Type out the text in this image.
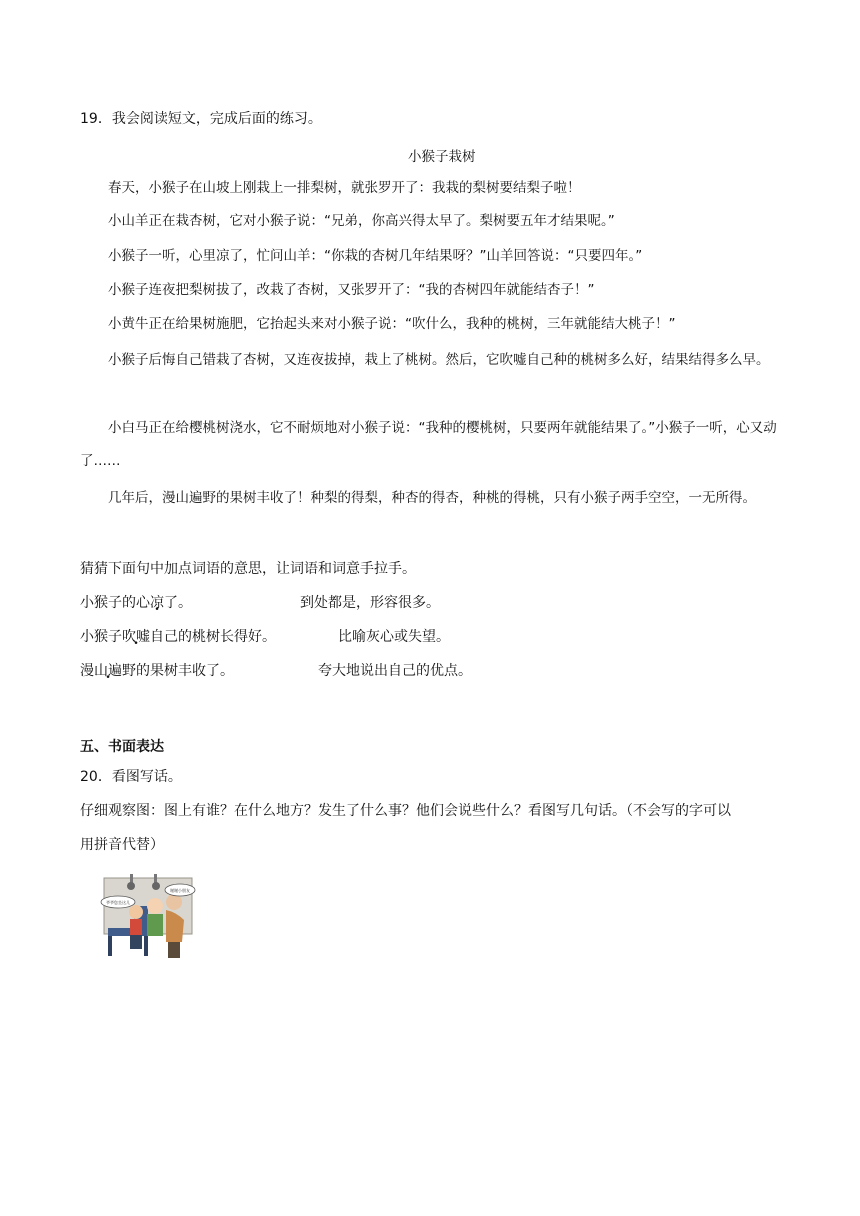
19．我会阅读短文，完成后面的练习。
小猴子栽树
春天，小猴子在山坡上刚栽上一排梨树，就张罗开了：我栽的梨树要结梨子啦！
小山羊正在栽杏树，它对小猴子说：“兄弟，你高兴得太早了。梨树要五年才结果呢。”
小猴子一听，心里凉了，忙问山羊：“你栽的杏树几年结果呀？”山羊回答说：“只要四年。”
小猴子连夜把梨树拔了，改栽了杏树，又张罗开了：“我的杏树四年就能结杏子！”
小黄牛正在给果树施肥，它抬起头来对小猴子说：“吹什么，我种的桃树，三年就能结大桃子！”
小猴子后悔自己错栽了杏树，又连夜拔掉，栽上了桃树。然后，它吹嘘自己种的桃树多么好，结果结得多么早。
小白马正在给樱桃树浇水，它不耐烦地对小猴子说：“我种的樱桃树，只要两年就能结果了。”小猴子一听，心又动了……
几年后，漫山遍野的果树丰收了！种梨的得梨，种杏的得杏，种桃的得桃，只有小猴子两手空空，一无所得。
猜猜下面句中加点词语的意思，让词语和词意手拉手。
小猴子的心凉了。
小猴子吹嘘自己的桃树长得好。
漫山遍野的果树丰收了。
到处都是，形容很多。
比喻灰心或失望。
夸大地说出自己的优点。
五、书面表达
20．看图写话。
仔细观察图：图上有谁？在什么地方？发生了什么事？他们会说些什么？看图写几句话。（不会写的字可以
用拼音代替）
爷爷您坐这儿
谢谢小朋友
